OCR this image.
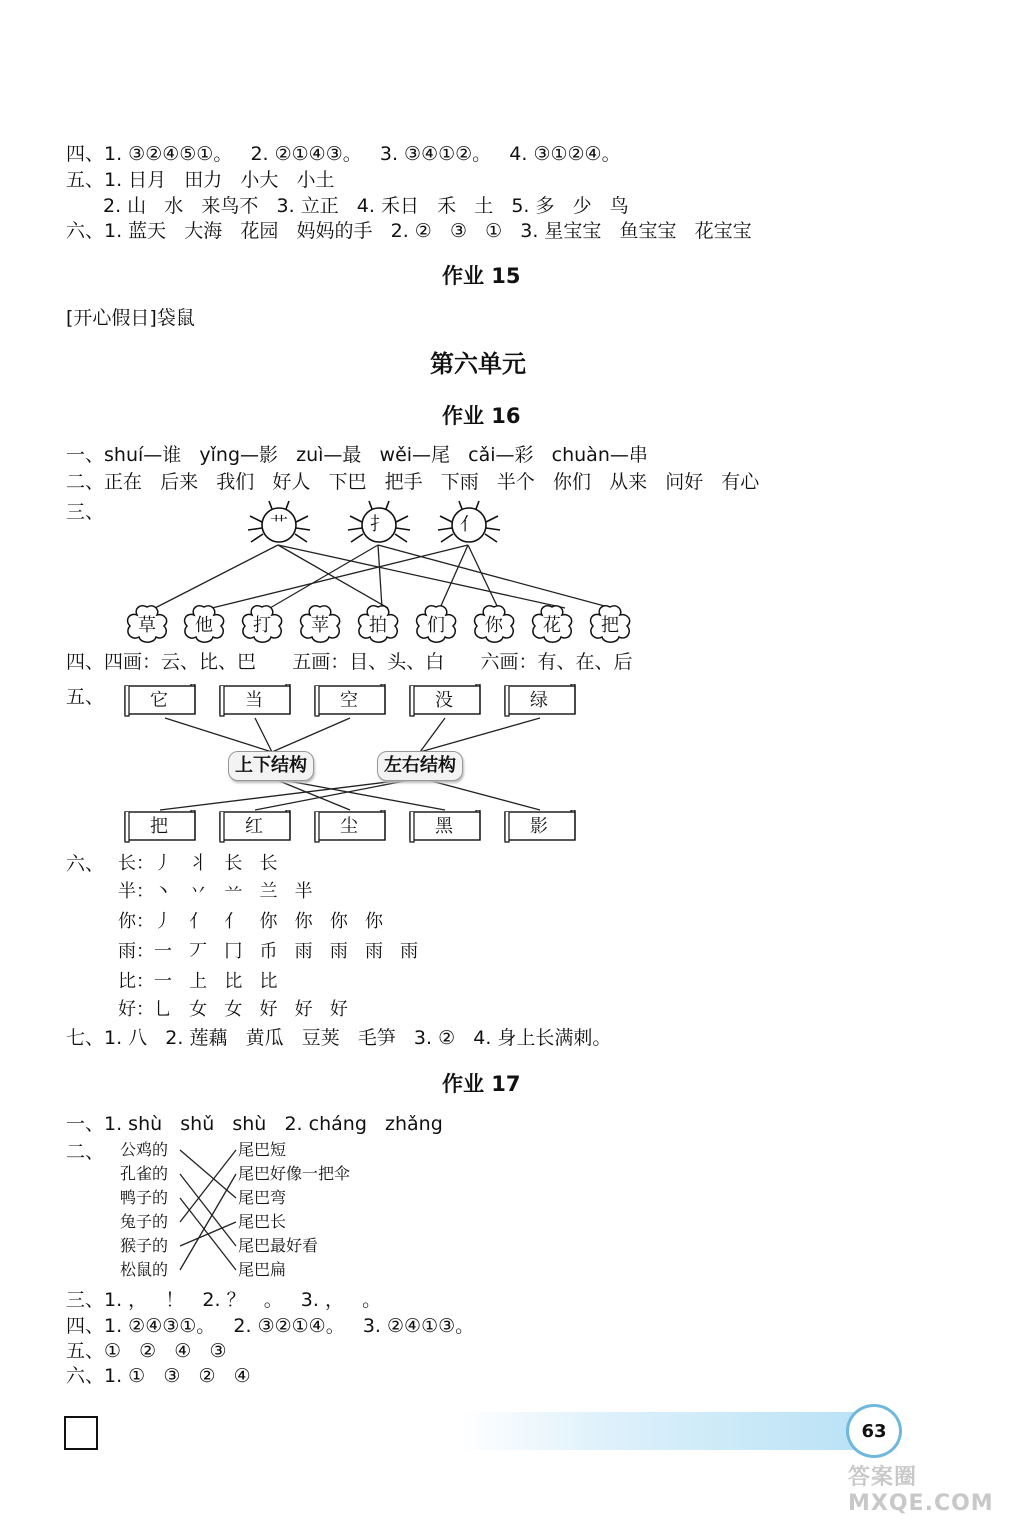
四、1. ③②④⑤①。   2. ②①④③。   3. ③④①②。   4. ③①②④。
五、1. 日月   田力   小大   小土
2. 山   水   来鸟不   3. 立正   4. 禾日   禾   土   5. 多   少   鸟
六、1. 蓝天   大海   花园   妈妈的手   2. ②   ③   ①   3. 星宝宝   鱼宝宝   花宝宝
作业 15
[开心假日]袋鼠
第六单元
作业 16
一、shuí—谁   yǐng—影   zuì—最   wěi—尾   cǎi—彩   chuàn—串
二、正在   后来   我们   好人   下巴   把手   下雨   半个   你们   从来   问好   有心
三、
艹	扌	亻
草 他 打 苹 拍 们 你 花 把
四、四画：云、比、巴      五画：目、头、白      六画：有、在、后
五、	它	当	空	没	绿
上下结构	左右结构
把	红	尘	黑	影
六、 长：丿   丬   长   长
半：丶   丷   䒑   兰   半
你：丿   亻   亻   你   你   你   你
雨：一   丆   冂   币   雨   雨   雨   雨
比：一   上   比   比
好：乚   女   女   好   好   好
七、1. 八   2. 莲藕   黄瓜   豆荚   毛笋   3. ②   4. 身上长满刺。
作业 17
一、1. shù   shǔ   shù   2. cháng   zhǎng
二、 公鸡的
孔雀的
鸭子的
兔子的
猴子的
松鼠的
尾巴短
尾巴好像一把伞
尾巴弯
尾巴长
尾巴最好看
尾巴扁
三、1. ，   ！   2. ？   。   3. ，   。
四、1. ②④③①。   2. ③②①④。   3. ②④①③。
五、①   ②   ④   ③
六、1. ①   ③   ②   ④
63
答案圈 MXQE.COM
